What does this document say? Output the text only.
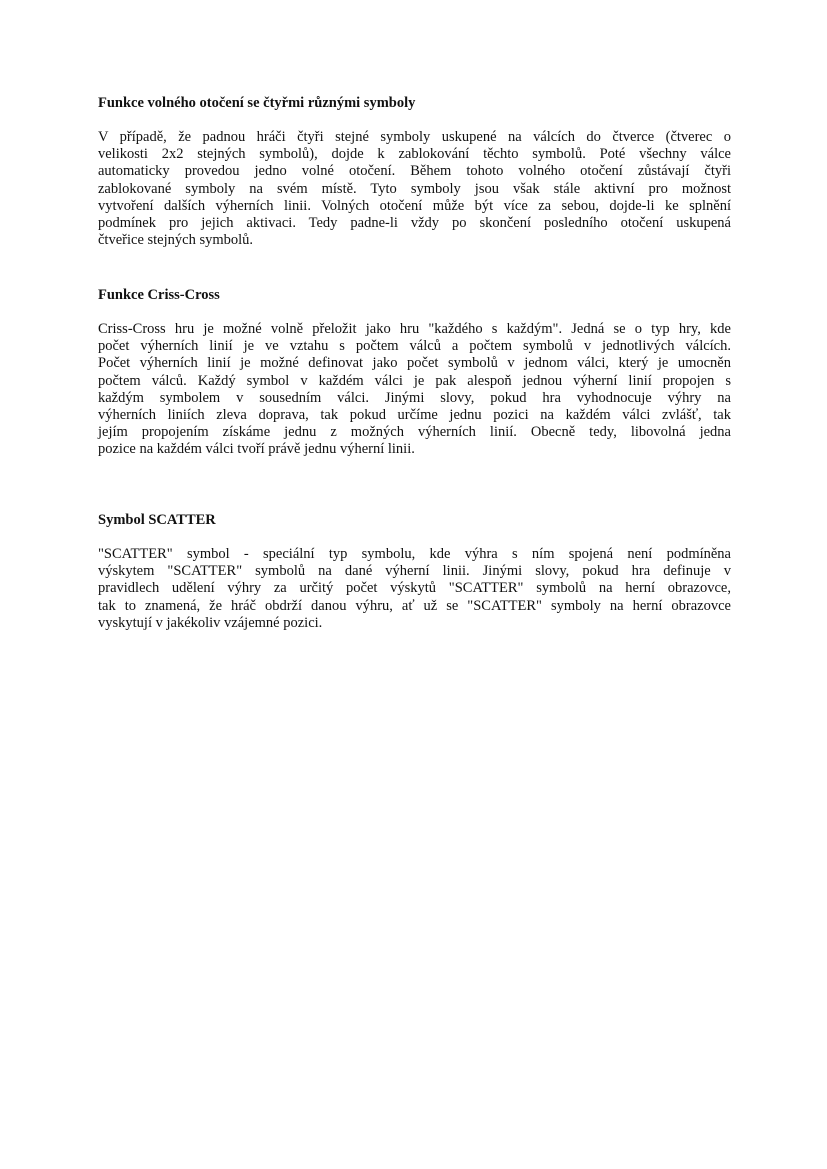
Funkce volného otočení se čtyřmi různými symboly
V případě, že padnou hráči čtyři stejné symboly uskupené na válcích do čtverce (čtverec o
velikosti 2x2 stejných symbolů), dojde k zablokování těchto symbolů. Poté všechny válce
automaticky provedou jedno volné otočení. Během tohoto volného otočení zůstávají čtyři
zablokované symboly na svém místě. Tyto symboly jsou však stále aktivní pro možnost
vytvoření dalších výherních linii. Volných otočení může být více za sebou, dojde-li ke splnění
podmínek pro jejich aktivaci. Tedy padne-li vždy po skončení posledního otočení uskupená
čtveřice stejných symbolů.
Funkce Criss-Cross
Criss-Cross hru je možné volně přeložit jako hru "každého s každým". Jedná se o typ hry, kde
počet výherních linií je ve vztahu s počtem válců a počtem symbolů v jednotlivých válcích.
Počet výherních linií je možné definovat jako počet symbolů v jednom válci, který je umocněn
počtem válců. Každý symbol v každém válci je pak alespoň jednou výherní linií propojen s
každým symbolem v sousedním válci. Jinými slovy, pokud hra vyhodnocuje výhry na
výherních liniích zleva doprava, tak pokud určíme jednu pozici na každém válci zvlášť, tak
jejím propojením získáme jednu z možných výherních linií. Obecně tedy, libovolná jedna
pozice na každém válci tvoří právě jednu výherní linii.
Symbol SCATTER
"SCATTER" symbol - speciální typ symbolu, kde výhra s ním spojená není podmíněna
výskytem "SCATTER" symbolů na dané výherní linii. Jinými slovy, pokud hra definuje v
pravidlech udělení výhry za určitý počet výskytů "SCATTER" symbolů na herní obrazovce,
tak to znamená, že hráč obdrží danou výhru, ať už se "SCATTER" symboly na herní obrazovce
vyskytují v jakékoliv vzájemné pozici.
